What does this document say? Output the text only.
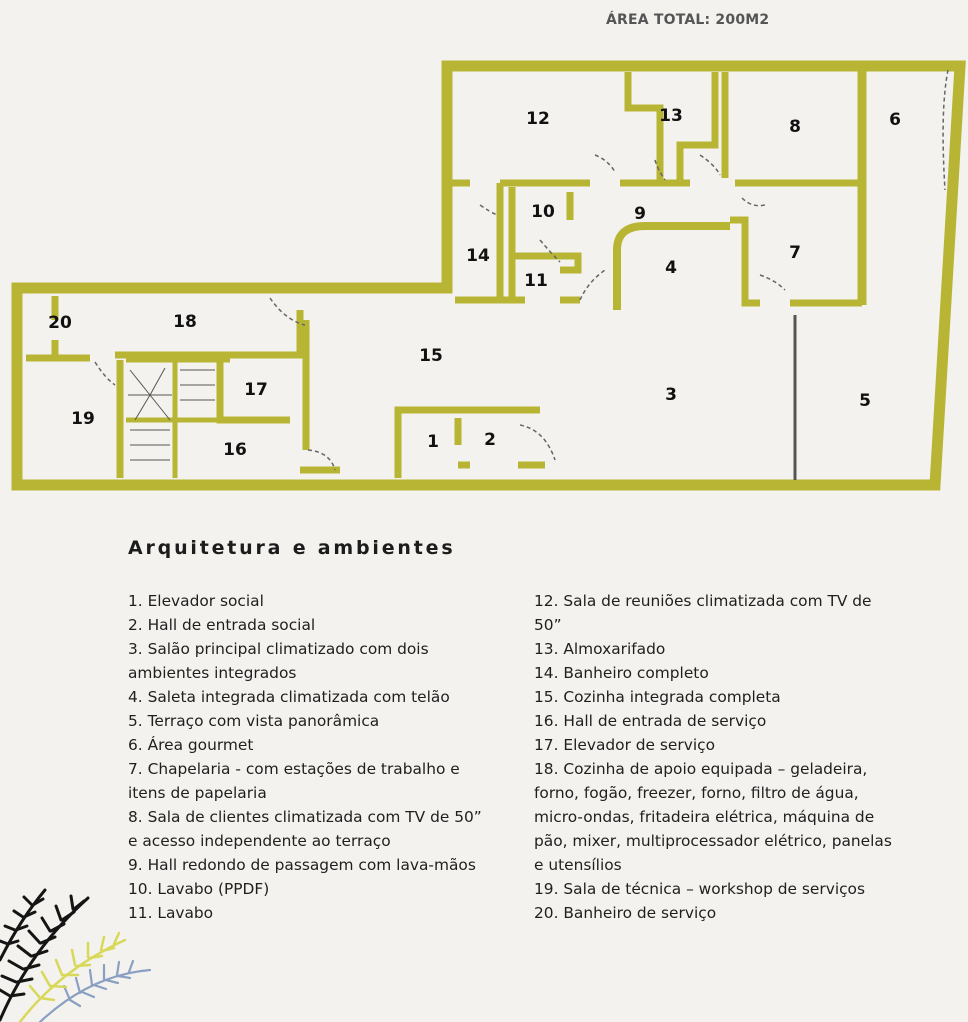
ÁREA TOTAL: 200M2
1	2
3
4
5
6
7
8
9
10
11
12	13
14
15
16
17
18
19
20
Arquitetura e ambientes
1. Elevador social
2. Hall de entrada social
3. Salão principal climatizado com dois
ambientes integrados
4. Saleta integrada climatizada com telão
5. Terraço com vista panorâmica
6. Área gourmet
7. Chapelaria - com estações de trabalho e
itens de papelaria
8. Sala de clientes climatizada com TV de 50”
e acesso independente ao terraço
9. Hall redondo de passagem com lava-mãos
10. Lavabo (PPDF)
11. Lavabo
12. Sala de reuniões climatizada com TV de
50”
13. Almoxarifado
14. Banheiro completo
15. Cozinha integrada completa
16. Hall de entrada de serviço
17. Elevador de serviço
18. Cozinha de apoio equipada – geladeira,
forno, fogão, freezer, forno, filtro de água,
micro-ondas, fritadeira elétrica, máquina de
pão, mixer, multiprocessador elétrico, panelas
e utensílios
19. Sala de técnica – workshop de serviços
20. Banheiro de serviço
